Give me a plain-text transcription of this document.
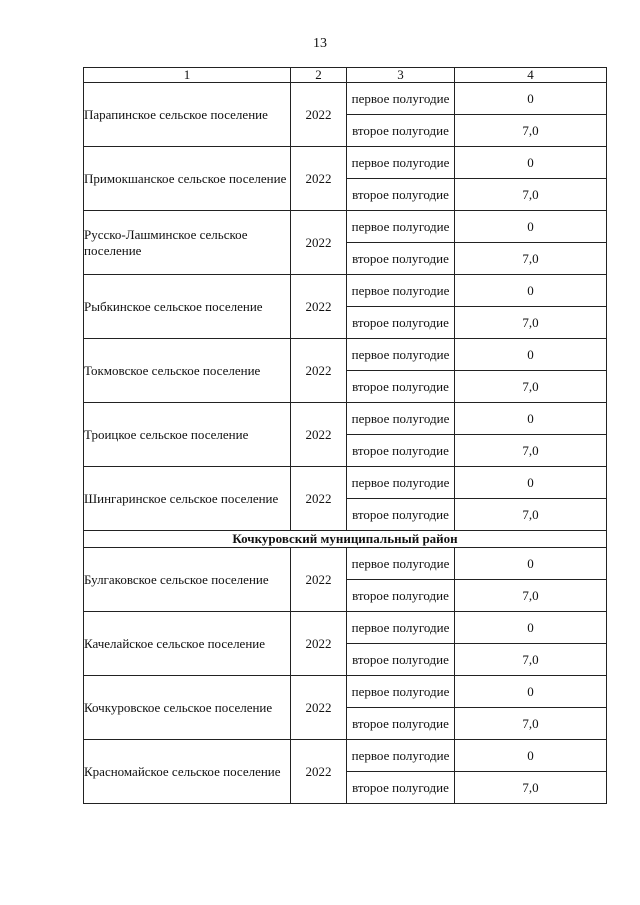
13
1	2	3	4
Парапинское сельское поселение	2022	первое полугодие	0
		второе полугодие	7,0
Примокшанское сельское поселение	2022	первое полугодие	0
		второе полугодие	7,0
Русско-Лашминское сельское поселение	2022	первое полугодие	0
		второе полугодие	7,0
Рыбкинское сельское поселение	2022	первое полугодие	0
		второе полугодие	7,0
Токмовское сельское поселение	2022	первое полугодие	0
		второе полугодие	7,0
Троицкое сельское поселение	2022	первое полугодие	0
		второе полугодие	7,0
Шингаринское сельское поселение	2022	первое полугодие	0
		второе полугодие	7,0
Кочкуровский муниципальный район			
Булгаковское сельское поселение	2022	первое полугодие	0
		второе полугодие	7,0
Качелайское сельское поселение	2022	первое полугодие	0
		второе полугодие	7,0
Кочкуровское сельское поселение	2022	первое полугодие	0
		второе полугодие	7,0
Красномайское сельское поселение	2022	первое полугодие	0
		второе полугодие	7,0
